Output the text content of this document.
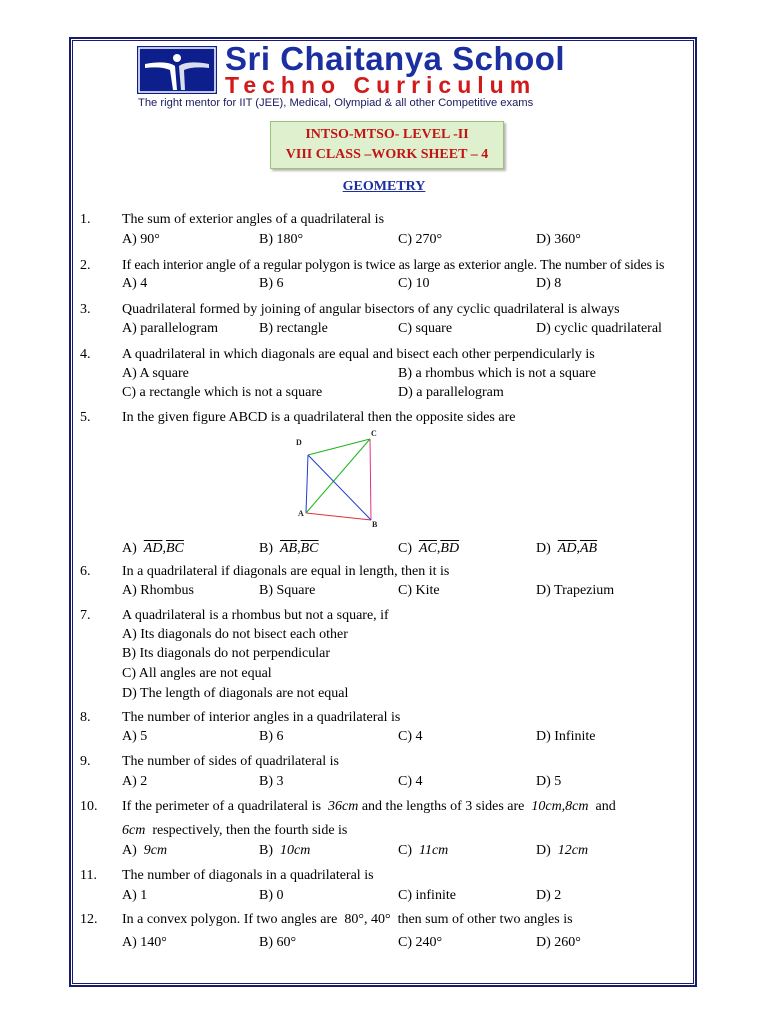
Sri Chaitanya School
Techno Curriculum
The right mentor for IIT (JEE), Medical, Olympiad & all other Competitive exams
INTSO-MTSO- LEVEL -II
VIII CLASS –WORK SHEET – 4
GEOMETRY
1. The sum of exterior angles of a quadrilateral is
A) 90°	B) 180°	C) 270°	D) 360°
2. If each interior angle of a regular polygon is twice as large as exterior angle. The number of sides is
A) 4	B) 6	C) 10	D) 8
3. Quadrilateral formed by joining of angular bisectors of any cyclic quadrilateral is always
A) parallelogram	B) rectangle	C) square	D) cyclic quadrilateral
4. A quadrilateral in which diagonals are equal and bisect each other perpendicularly is
A) A square	B) a rhombus which is not a square
C) a rectangle which is not a square	D) a parallelogram
5. In the given figure ABCD is a quadrilateral then the opposite sides are
D
C
A
B
A) $\overline{AD},\overline{BC}$	B) $\overline{AB},\overline{BC}$	C) $\overline{AC},\overline{BD}$	D) $\overline{AD},\overline{AB}$
6. In a quadrilateral if diagonals are equal in length, then it is
A) Rhombus	B) Square	C) Kite	D) Trapezium
7. A quadrilateral is a rhombus but not a square, if
A) Its diagonals do not bisect each other
B) Its diagonals do not perpendicular
C) All angles are not equal
D) The length of diagonals are not equal
8. The number of interior angles in a quadrilateral is
A) 5	B) 6	C) 4	D) Infinite
9. The number of sides of quadrilateral is
A) 2	B) 3	C) 4	D) 5
10. If the perimeter of a quadrilateral is 36cm and the lengths of 3 sides are 10cm,8cm and
6cm respectively, then the fourth side is
A) 9cm	B) 10cm	C) 11cm	D) 12cm
11. The number of diagonals in a quadrilateral is
A) 1	B) 0	C) infinite	D) 2
12. In a convex polygon. If two angles are 80°, 40° then sum of other two angles is
A) 140°	B) 60°	C) 240°	D) 260°
